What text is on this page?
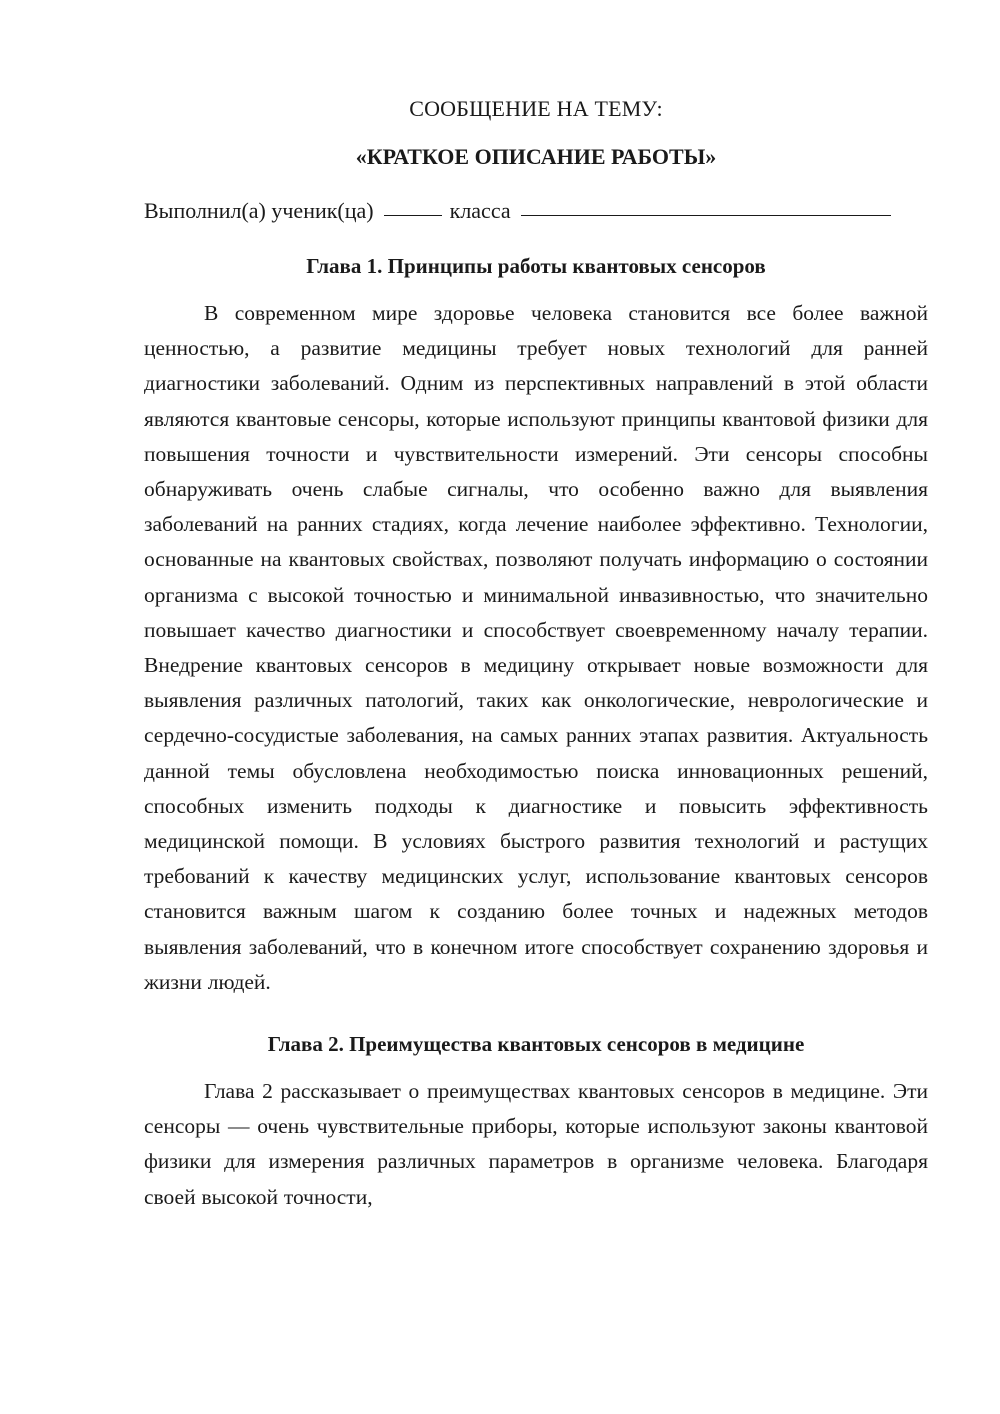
СООБЩЕНИЕ НА ТЕМУ:

«КРАТКОЕ ОПИСАНИЕ РАБОТЫ»

Выполнил(а) ученик(ца)	класса
Глава 1. Принципы работы квантовых сенсоров

В современном мире здоровье человека становится все более важной ценностью, а развитие медицины требует новых технологий для ранней диагностики заболеваний. Одним из перспективных направлений в этой области являются квантовые сенсоры, которые используют принципы квантовой физики для повышения точности и чувствительности измерений. Эти сенсоры способны обнаруживать очень слабые сигналы, что особенно важно для выявления заболеваний на ранних стадиях, когда лечение наиболее эффективно. Технологии, основанные на квантовых свойствах, позволяют получать информацию о состоянии организма с высокой точностью и минимальной инвазивностью, что значительно повышает качество диагностики и способствует своевременному началу терапии. Внедрение квантовых сенсоров в медицину открывает новые возможности для выявления различных патологий, таких как онкологические, неврологические и сердечно-сосудистые заболевания, на самых ранних этапах развития. Актуальность данной темы обусловлена необходимостью поиска инновационных решений, способных изменить подходы к диагностике и повысить эффективность медицинской помощи. В условиях быстрого развития технологий и растущих требований к качеству медицинских услуг, использование квантовых сенсоров становится важным шагом к созданию более точных и надежных методов выявления заболеваний, что в конечном итоге способствует сохранению здоровья и жизни людей.

Глава 2. Преимущества квантовых сенсоров в медицине

Глава 2 рассказывает о преимуществах квантовых сенсоров в медицине. Эти сенсоры — очень чувствительные приборы, которые используют законы квантовой физики для измерения различных параметров в организме человека. Благодаря своей высокой точности,
